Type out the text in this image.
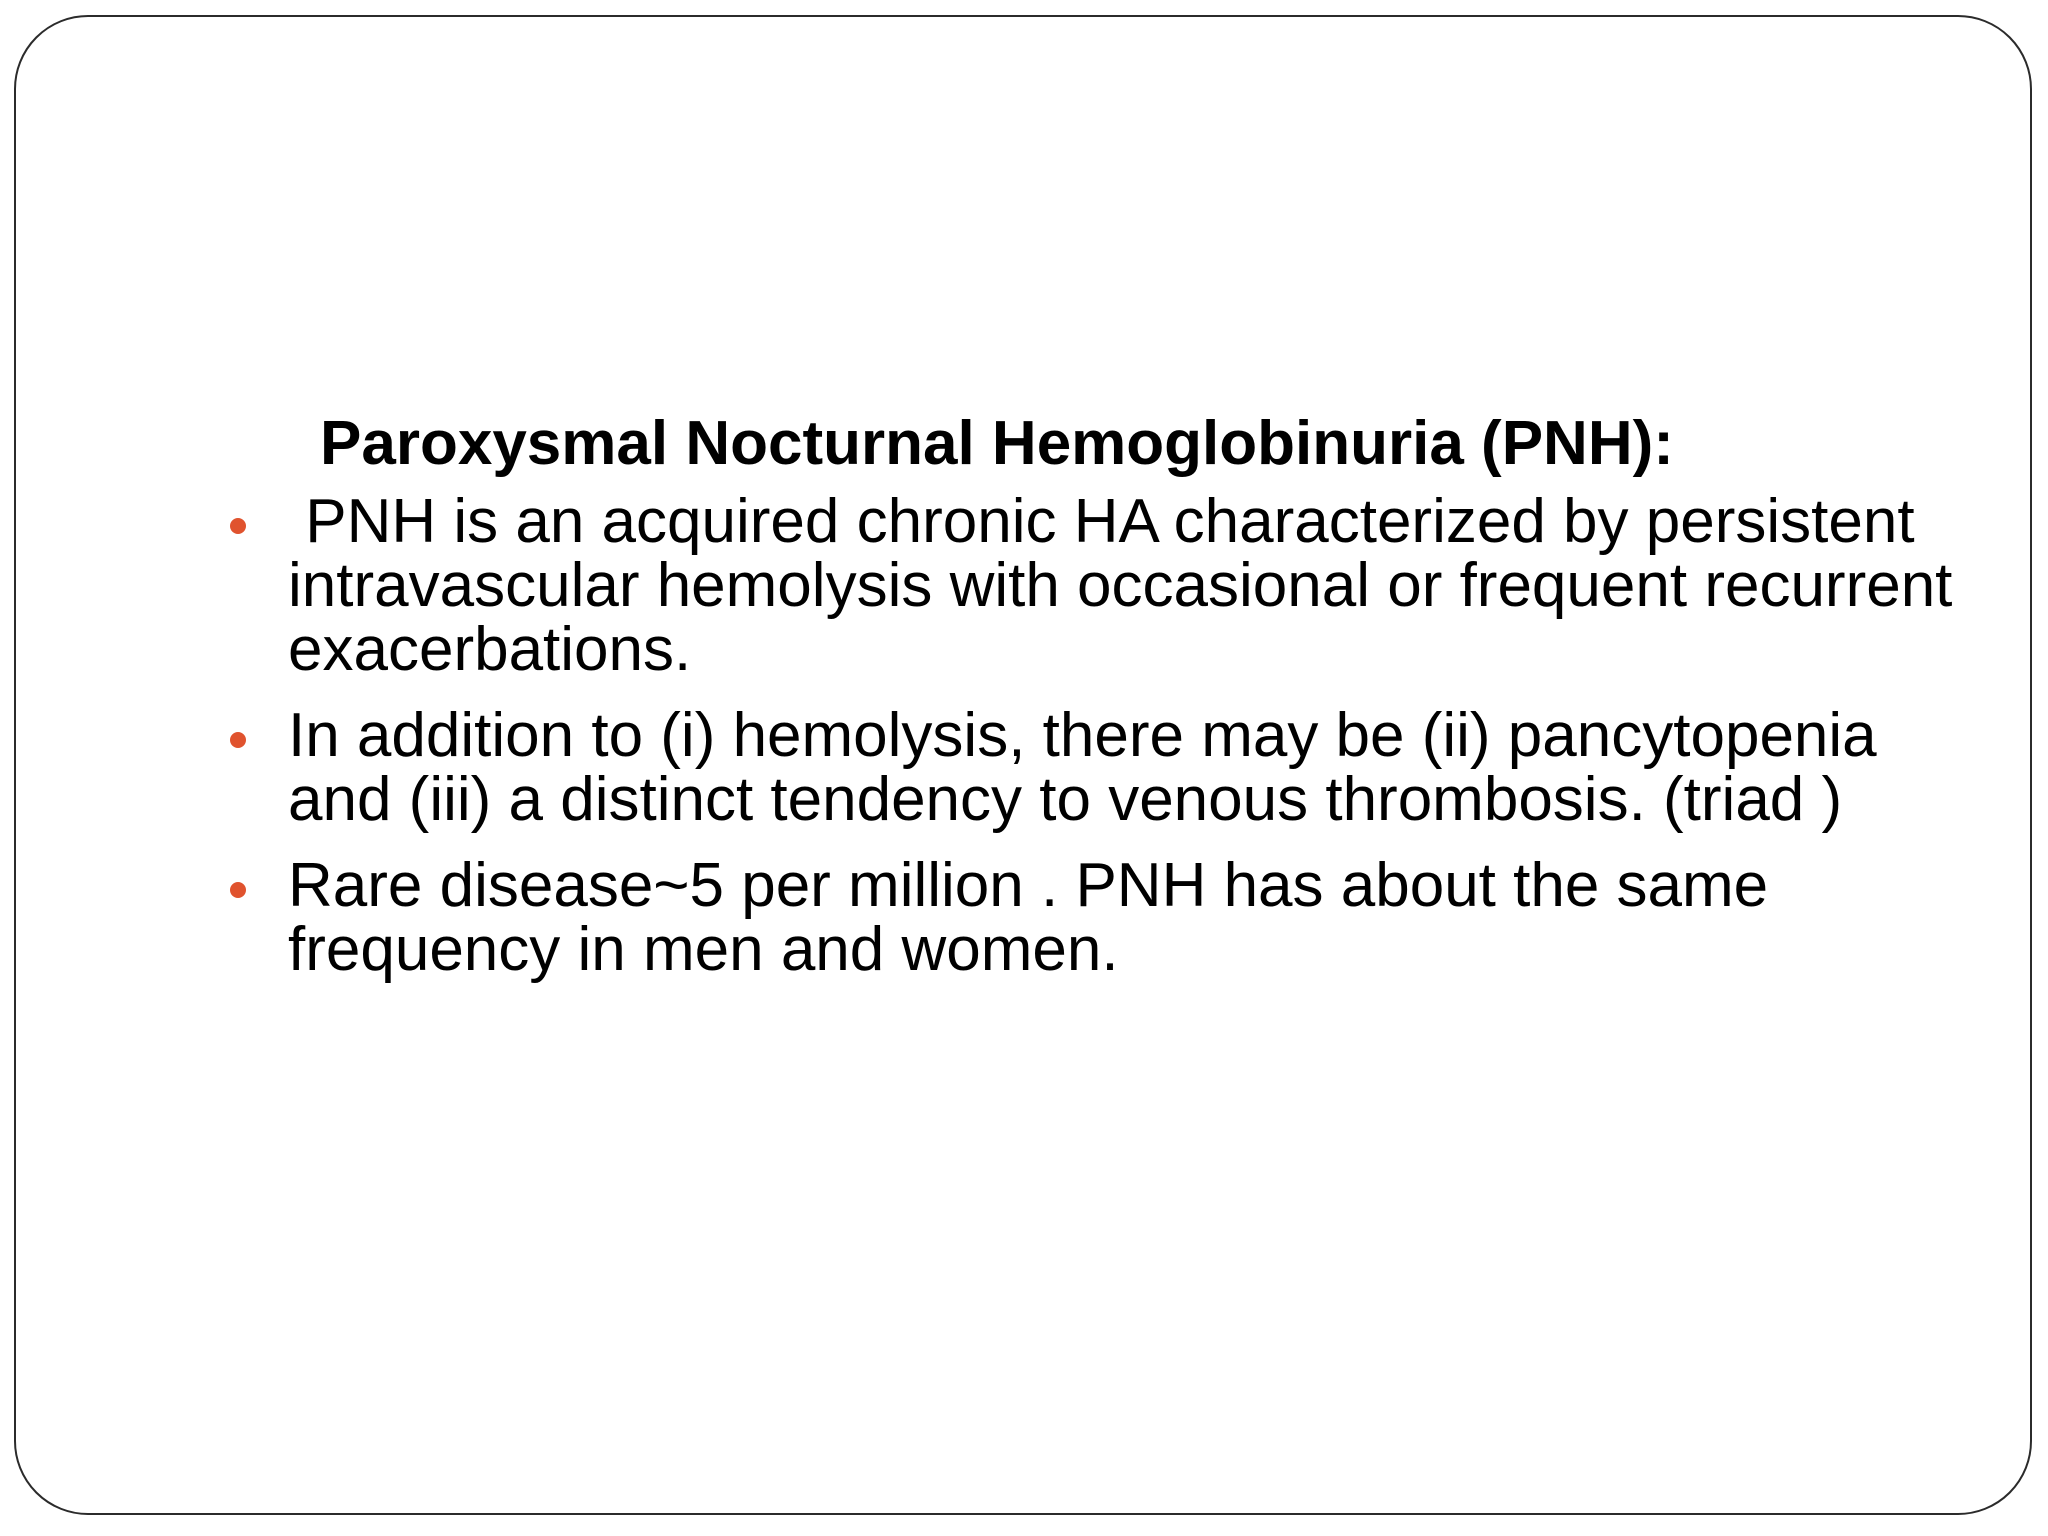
Paroxysmal Nocturnal Hemoglobinuria (PNH):
PNH is an acquired chronic HA characterized by persistent intravascular hemolysis with occasional or frequent recurrent exacerbations.
In addition to (i) hemolysis, there may be (ii) pancytopenia and (iii) a distinct tendency to venous thrombosis. (triad )
Rare disease~5 per million . PNH has about the same frequency in men and women.
